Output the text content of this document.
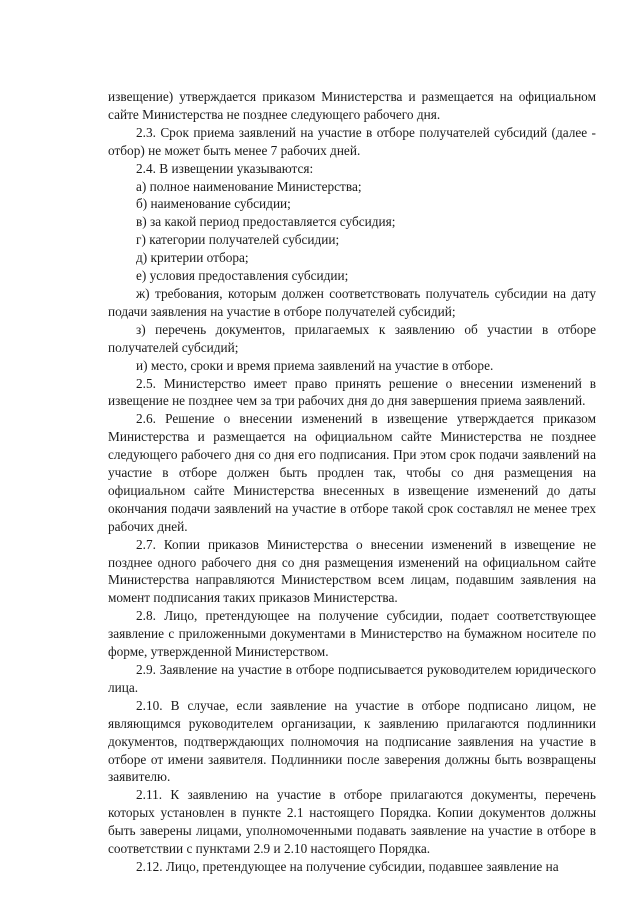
извещение) утверждается приказом Министерства и размещается на официальном сайте Министерства не позднее следующего рабочего дня.

2.3. Срок приема заявлений на участие в отборе получателей субсидий (далее - отбор) не может быть менее 7 рабочих дней.

2.4. В извещении указываются:

а) полное наименование Министерства;

б) наименование субсидии;

в) за какой период предоставляется субсидия;

г) категории получателей субсидии;

д) критерии отбора;

е) условия предоставления субсидии;

ж) требования, которым должен соответствовать получатель субсидии на дату подачи заявления на участие в отборе получателей субсидий;

з) перечень документов, прилагаемых к заявлению об участии в отборе получателей субсидий;

и) место, сроки и время приема заявлений на участие в отборе.

2.5. Министерство имеет право принять решение о внесении изменений в извещение не позднее чем за три рабочих дня до дня завершения приема заявлений.

2.6. Решение о внесении изменений в извещение утверждается приказом Министерства и размещается на официальном сайте Министерства не позднее следующего рабочего дня со дня его подписания. При этом срок подачи заявлений на участие в отборе должен быть продлен так, чтобы со дня размещения на официальном сайте Министерства внесенных в извещение изменений до даты окончания подачи заявлений на участие в отборе такой срок составлял не менее трех рабочих дней.

2.7. Копии приказов Министерства о внесении изменений в извещение не позднее одного рабочего дня со дня размещения изменений на официальном сайте Министерства направляются Министерством всем лицам, подавшим заявления на момент подписания таких приказов Министерства.

2.8. Лицо, претендующее на получение субсидии, подает соответствующее заявление с приложенными документами в Министерство на бумажном носителе по форме, утвержденной Министерством.

2.9. Заявление на участие в отборе подписывается руководителем юридического лица.

2.10. В случае, если заявление на участие в отборе подписано лицом, не являющимся руководителем организации, к заявлению прилагаются подлинники документов, подтверждающих полномочия на подписание заявления на участие в отборе от имени заявителя. Подлинники после заверения должны быть возвращены заявителю.

2.11. К заявлению на участие в отборе прилагаются документы, перечень которых установлен в пункте 2.1 настоящего Порядка. Копии документов должны быть заверены лицами, уполномоченными подавать заявление на участие в отборе в соответствии с пунктами 2.9 и 2.10 настоящего Порядка.

2.12. Лицо, претендующее на получение субсидии, подавшее заявление на
